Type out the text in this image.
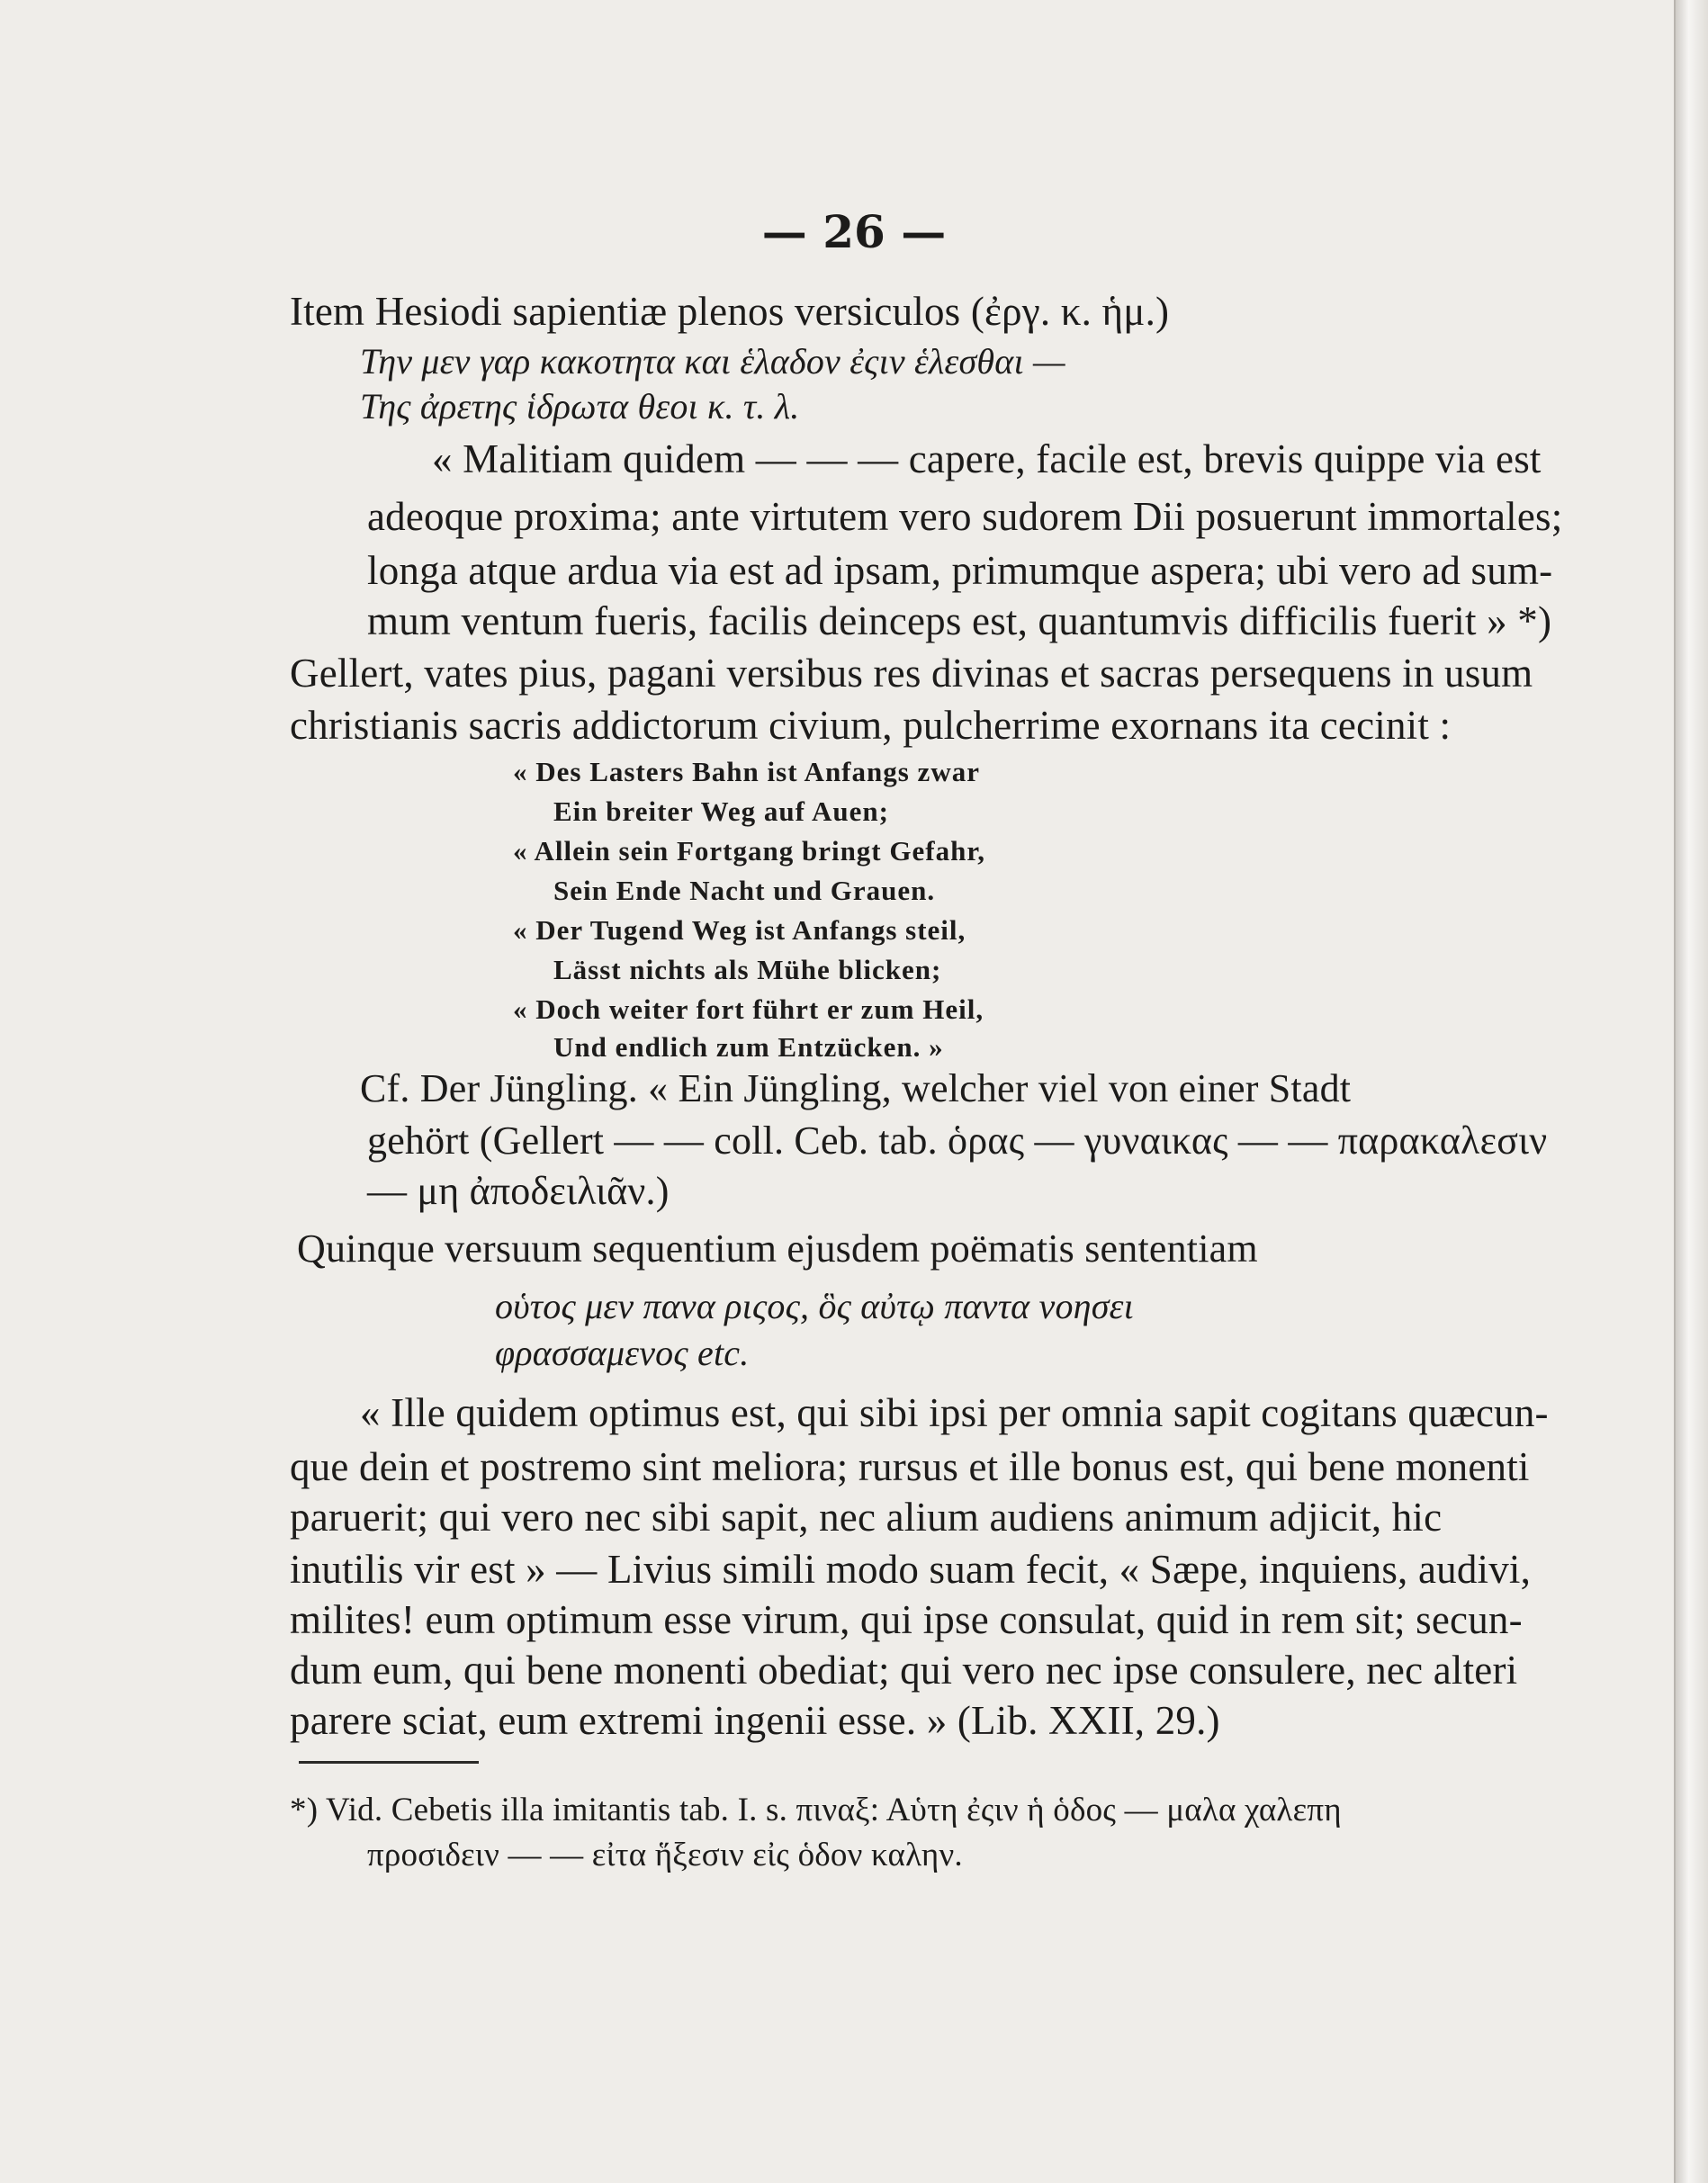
— 26 —
Item Hesiodi sapientiæ plenos versiculos (ἐργ. κ. ἡμ.)
Την μεν γαρ κακοτητα και ἑλαδον ἐςιν ἑλεσθαι —
Της ἀρετης ἱδρωτα θεοι κ. τ. λ.
« Malitiam quidem — — — capere, facile est, brevis quippe via est
adeoque proxima; ante virtutem vero sudorem Dii posuerunt immortales;
longa atque ardua via est ad ipsam, primumque aspera; ubi vero ad sum-
mum ventum fueris, facilis deinceps est, quantumvis difficilis fuerit » *)
Gellert, vates pius, pagani versibus res divinas et sacras persequens in usum
christianis sacris addictorum civium, pulcherrime exornans ita cecinit :
« Des Lasters Bahn ist Anfangs zwar
Ein breiter Weg auf Auen;
« Allein sein Fortgang bringt Gefahr,
Sein Ende Nacht und Grauen.
« Der Tugend Weg ist Anfangs steil,
Lässt nichts als Mühe blicken;
« Doch weiter fort führt er zum Heil,
Und endlich zum Entzücken. »
Cf. Der Jüngling. « Ein Jüngling, welcher viel von einer Stadt
gehört (Gellert — — coll. Ceb. tab. ὁρας — γυναικας — — παρακαλεσιν
— μη ἀποδειλιᾶν.)
Quinque versuum sequentium ejusdem poëmatis sententiam
οὑτος μεν πανα ριςος, ὃς αὐτῳ παντα νοησει
φρασσαμενος etc.
« Ille quidem optimus est, qui sibi ipsi per omnia sapit cogitans quæcun-
que dein et postremo sint meliora; rursus et ille bonus est, qui bene monenti
paruerit; qui vero nec sibi sapit, nec alium audiens animum adjicit, hic
inutilis vir est » — Livius simili modo suam fecit, « Sæpe, inquiens, audivi,
milites! eum optimum esse virum, qui ipse consulat, quid in rem sit; secun-
dum eum, qui bene monenti obediat; qui vero nec ipse consulere, nec alteri
parere sciat, eum extremi ingenii esse. » (Lib. XXII, 29.)
*) Vid. Cebetis illa imitantis tab. I. s. πιναξ: Αὑτη ἐςιν ἡ ὁδος — μαλα χαλεπη
προσιδειν — — εἰτα ἥξεσιν εἰς ὁδον καλην.
